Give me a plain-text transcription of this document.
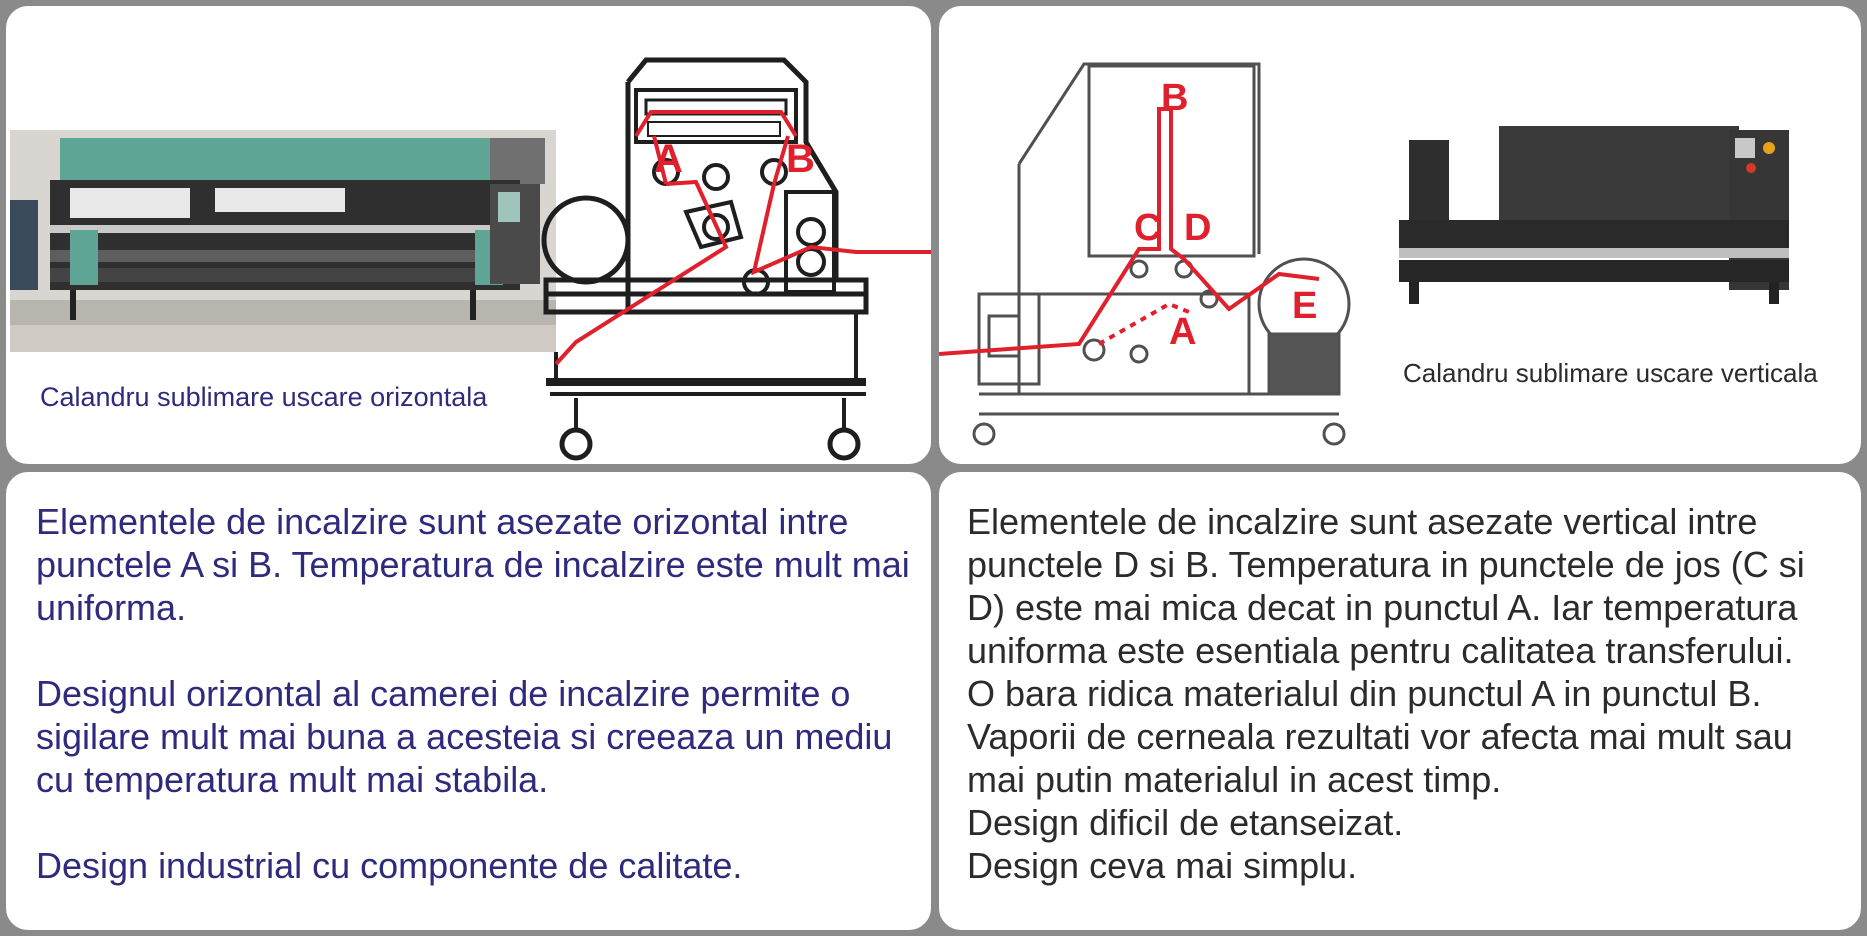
Calandru sublimare uscare orizontala
A	B
B
C D
A
E
Calandru sublimare uscare verticala

Elementele de incalzire sunt asezate orizontal intre punctele A si B. Temperatura de incalzire este mult mai uniforma.

Designul orizontal al camerei de incalzire permite o sigilare mult mai buna a acesteia si creeaza un mediu cu temperatura mult mai stabila.

Design industrial cu componente de calitate.

Elementele de incalzire sunt asezate vertical intre punctele D si B. Temperatura in punctele de jos (C si D) este mai mica decat in punctul A. Iar temperatura uniforma este esentiala pentru calitatea transferului.

O bara ridica materialul din punctul A in punctul B. Vaporii de cerneala rezultati vor afecta mai mult sau mai putin materialul in acest timp.

Design dificil de etanseizat.

Design ceva mai simplu.
